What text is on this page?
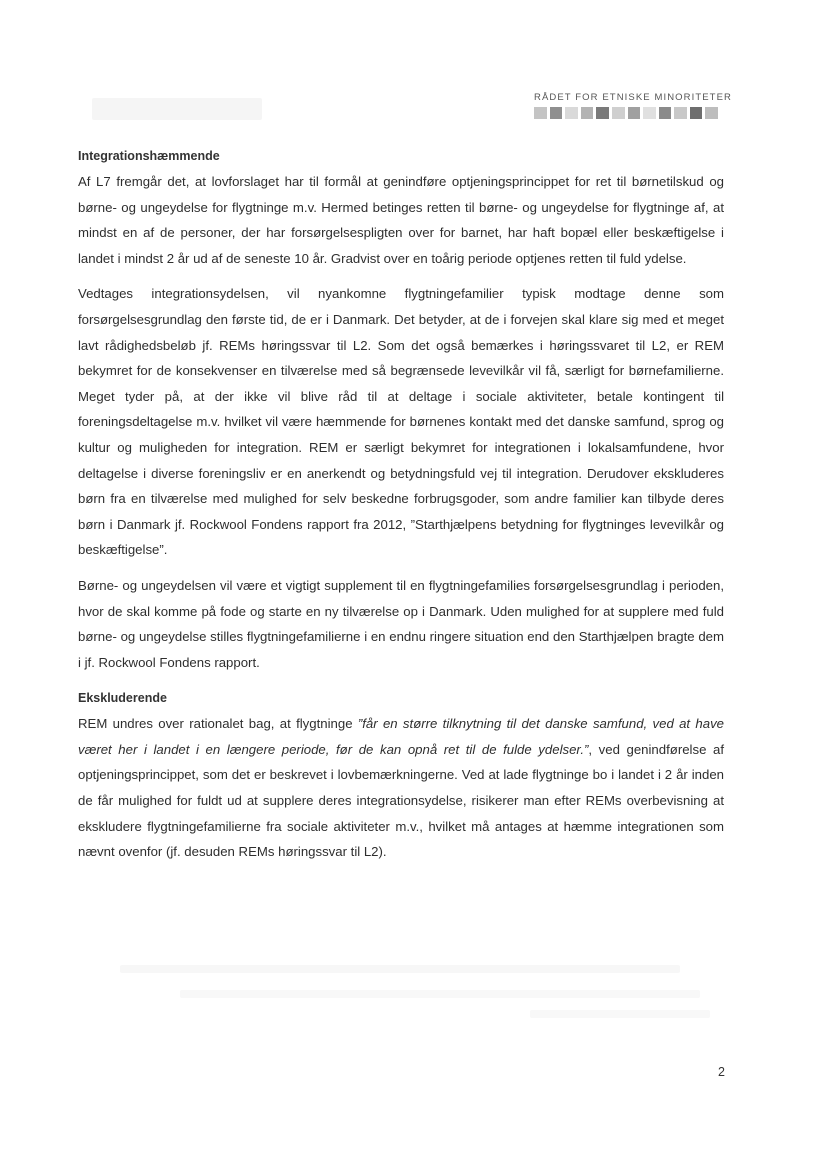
RÅDET FOR ETNISKE MINORITETER
Integrationshæmmende

Af L7 fremgår det, at lovforslaget har til formål at genindføre optjeningsprincippet for ret til børnetilskud og børne- og ungeydelse for flygtninge m.v. Hermed betinges retten til børne- og ungeydelse for flygtninge af, at mindst en af de personer, der har forsørgelsespligten over for barnet, har haft bopæl eller beskæftigelse i landet i mindst 2 år ud af de seneste 10 år. Gradvist over en toårig periode optjenes retten til fuld ydelse.

Vedtages integrationsydelsen, vil nyankomne flygtningefamilier typisk modtage denne som forsørgelsesgrundlag den første tid, de er i Danmark. Det betyder, at de i forvejen skal klare sig med et meget lavt rådighedsbeløb jf. REMs høringssvar til L2. Som det også bemærkes i høringssvaret til L2, er REM bekymret for de konsekvenser en tilværelse med så begrænsede levevilkår vil få, særligt for børnefamilierne. Meget tyder på, at der ikke vil blive råd til at deltage i sociale aktiviteter, betale kontingent til foreningsdeltagelse m.v. hvilket vil være hæmmende for børnenes kontakt med det danske samfund, sprog og kultur og muligheden for integration. REM er særligt bekymret for integrationen i lokalsamfundene, hvor deltagelse i diverse foreningsliv er en anerkendt og betydningsfuld vej til integration. Derudover ekskluderes børn fra en tilværelse med mulighed for selv beskedne forbrugsgoder, som andre familier kan tilbyde deres børn i Danmark jf. Rockwool Fondens rapport fra 2012, ”Starthjælpens betydning for flygtninges levevilkår og beskæftigelse”.

Børne- og ungeydelsen vil være et vigtigt supplement til en flygtningefamilies forsørgelsesgrundlag i perioden, hvor de skal komme på fode og starte en ny tilværelse op i Danmark. Uden mulighed for at supplere med fuld børne- og ungeydelse stilles flygtningefamilierne i en endnu ringere situation end den Starthjælpen bragte dem i jf. Rockwool Fondens rapport.

Ekskluderende

REM undres over rationalet bag, at flygtninge ”får en større tilknytning til det danske samfund, ved at have været her i landet i en længere periode, før de kan opnå ret til de fulde ydelser.”, ved genindførelse af optjeningsprincippet, som det er beskrevet i lovbemærkningerne. Ved at lade flygtninge bo i landet i 2 år inden de får mulighed for fuldt ud at supplere deres integrationsydelse, risikerer man efter REMs overbevisning at ekskludere flygtningefamilierne fra sociale aktiviteter m.v., hvilket må antages at hæmme integrationen som nævnt ovenfor (jf. desuden REMs høringssvar til L2).

2
